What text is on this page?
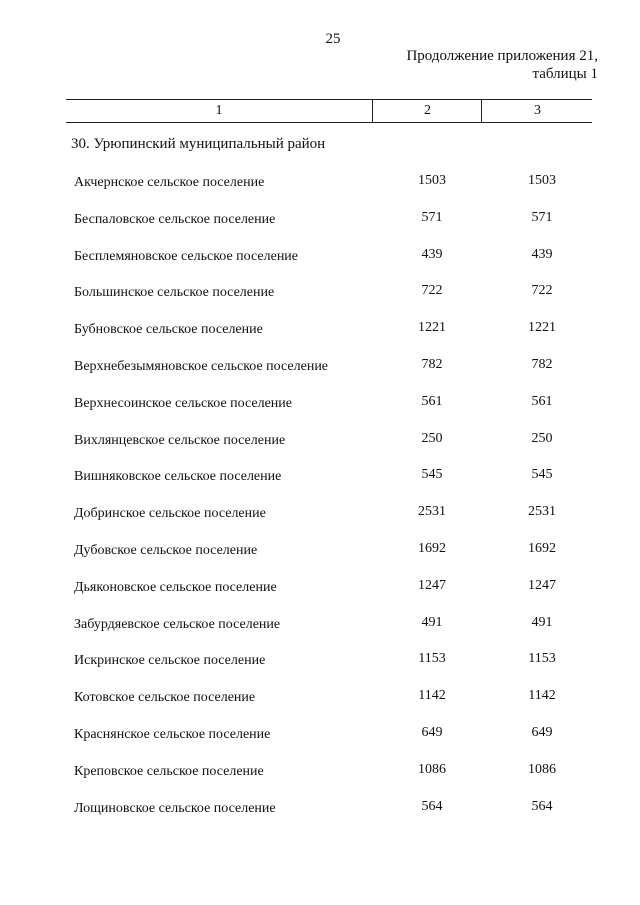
25
Продолжение приложения 21,
таблицы 1
1	2	3
30. Урюпинский муниципальный район
Акчернское сельское поселение	1503	1503
Беспаловское сельское поселение	571	571
Бесплемяновское сельское поселение	439	439
Большинское сельское поселение	722	722
Бубновское сельское поселение	1221	1221
Верхнебезымяновское сельское поселение	782	782
Верхнесоинское сельское поселение	561	561
Вихлянцевское сельское поселение	250	250
Вишняковское сельское поселение	545	545
Добринское сельское поселение	2531	2531
Дубовское сельское поселение	1692	1692
Дьяконовское сельское поселение	1247	1247
Забурдяевское сельское поселение	491	491
Искринское сельское поселение	1153	1153
Котовское сельское поселение	1142	1142
Краснянское сельское поселение	649	649
Креповское сельское поселение	1086	1086
Лощиновское сельское поселение	564	564
